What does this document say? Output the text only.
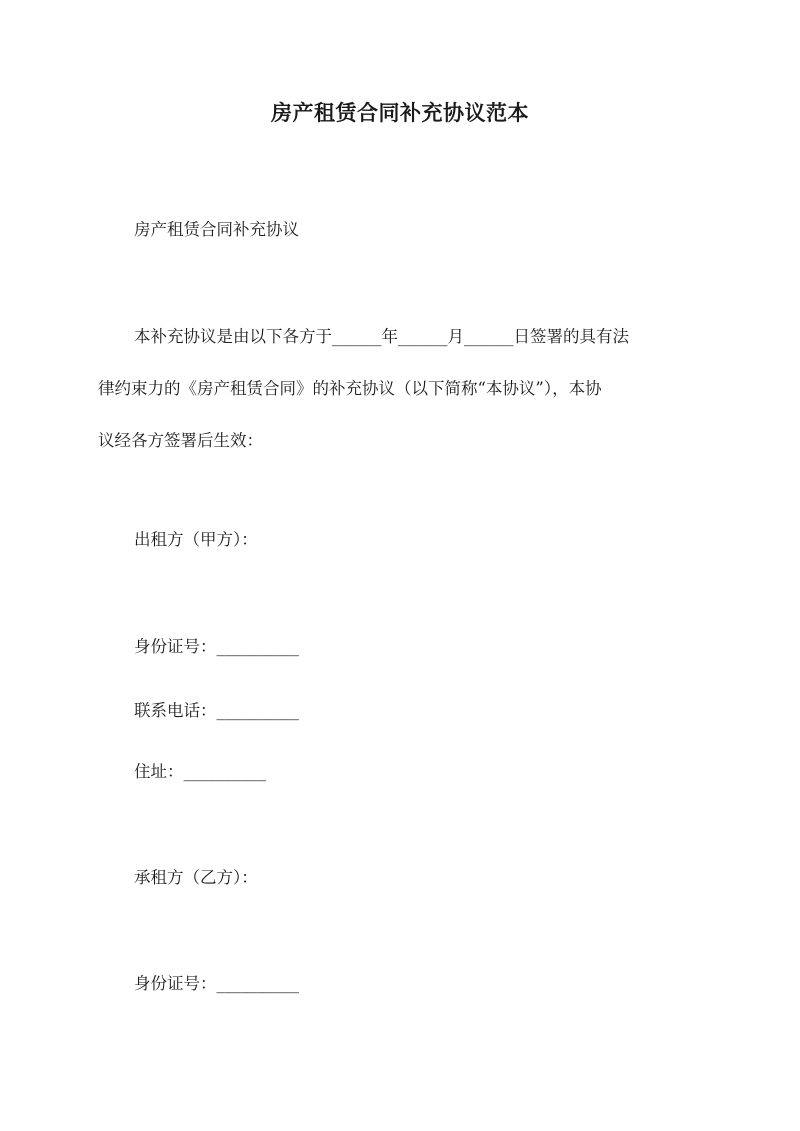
房产租赁合同补充协议范本

房产租赁合同补充协议

本补充协议是由以下各方于______年______月______日签署的具有法
律约束力的《房产租赁合同》的补充协议（以下简称“本协议”），本协
议经各方签署后生效：

出租方（甲方）：

身份证号：__________

联系电话：__________

住址：__________

承租方（乙方）：

身份证号：__________
